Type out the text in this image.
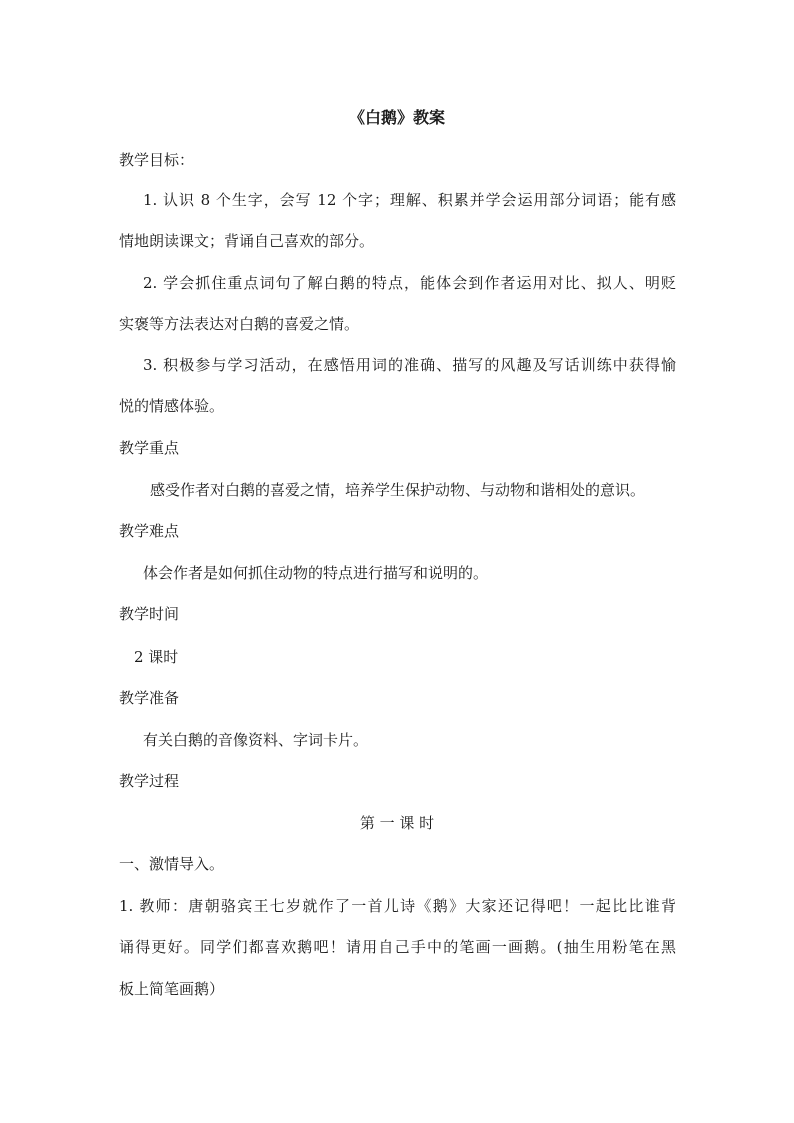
《白鹅》教案
教学目标：
1. 认识 8 个生字，会写 12 个字；理解、积累并学会运用部分词语；能有感
情地朗读课文；背诵自己喜欢的部分。
2. 学会抓住重点词句了解白鹅的特点，能体会到作者运用对比、拟人、明贬
实褒等方法表达对白鹅的喜爱之情。
3. 积极参与学习活动，在感悟用词的准确、描写的风趣及写话训练中获得愉
悦的情感体验。
教学重点
感受作者对白鹅的喜爱之情，培养学生保护动物、与动物和谐相处的意识。
教学难点
体会作者是如何抓住动物的特点进行描写和说明的。
教学时间
2 课时
教学准备
有关白鹅的音像资料、字词卡片。
教学过程
第 一 课 时
一、激情导入。
1. 教师：唐朝骆宾王七岁就作了一首儿诗《鹅》大家还记得吧！一起比比谁背
诵得更好。同学们都喜欢鹅吧！请用自己手中的笔画一画鹅。(抽生用粉笔在黑
板上简笔画鹅）
